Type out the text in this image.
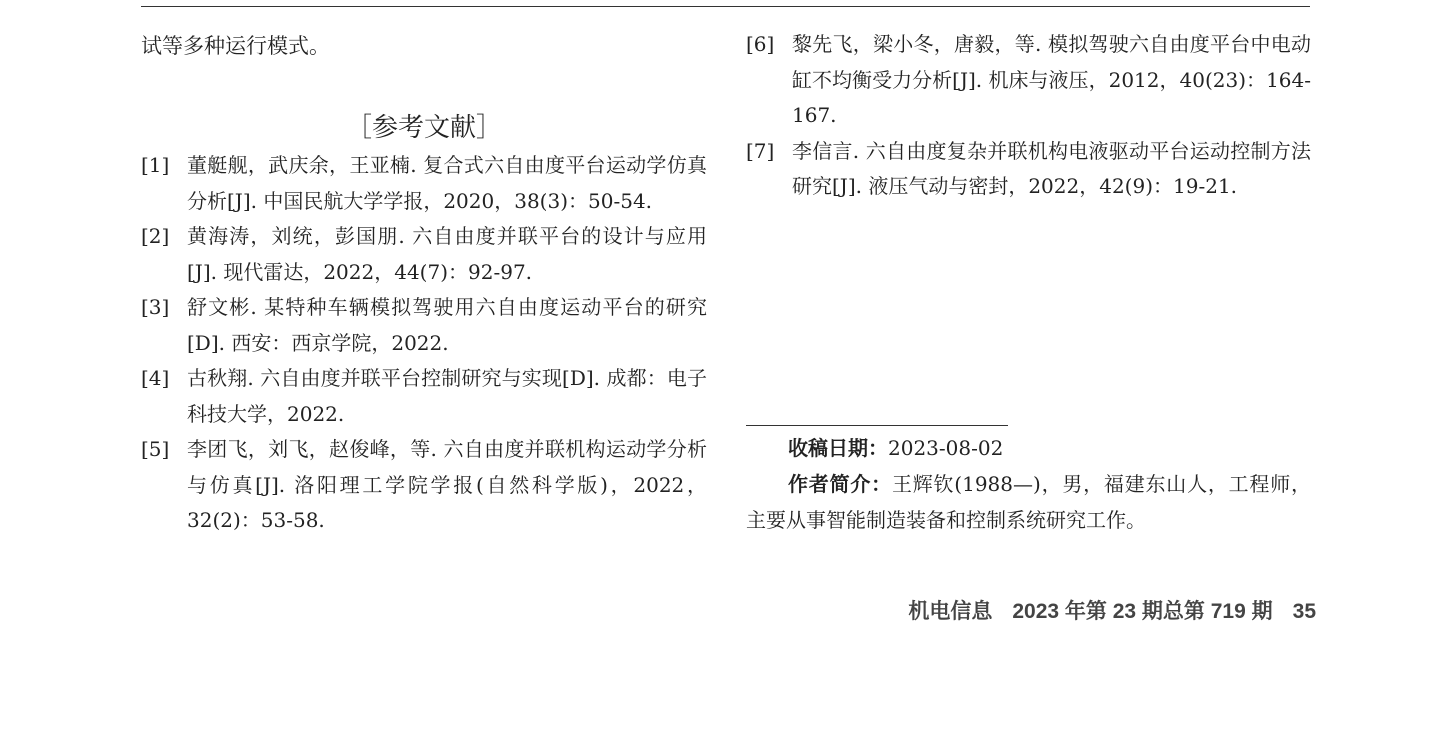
试等多种运行模式。
［参考文献］
[1] 董艇舰，武庆余，王亚楠. 复合式六自由度平台运动学仿真分析[J]. 中国民航大学学报，2020，38(3)：50-54.
[2] 黄海涛，刘统，彭国朋. 六自由度并联平台的设计与应用[J]. 现代雷达，2022，44(7)：92-97.
[3] 舒文彬. 某特种车辆模拟驾驶用六自由度运动平台的研究[D]. 西安：西京学院，2022.
[4] 古秋翔. 六自由度并联平台控制研究与实现[D]. 成都：电子科技大学，2022.
[5] 李团飞，刘飞，赵俊峰，等. 六自由度并联机构运动学分析与仿真[J]. 洛阳理工学院学报(自然科学版)，2022，32(2)：53-58.
[6] 黎先飞，梁小冬，唐毅，等. 模拟驾驶六自由度平台中电动缸不均衡受力分析[J]. 机床与液压，2012，40(23)：164-167.
[7] 李信言. 六自由度复杂并联机构电液驱动平台运动控制方法研究[J]. 液压气动与密封，2022，42(9)：19-21.
收稿日期：2023-08-02
作者简介：王辉钦(1988—)，男，福建东山人，工程师，主要从事智能制造装备和控制系统研究工作。
机电信息 2023 年第 23 期总第 719 期 35
